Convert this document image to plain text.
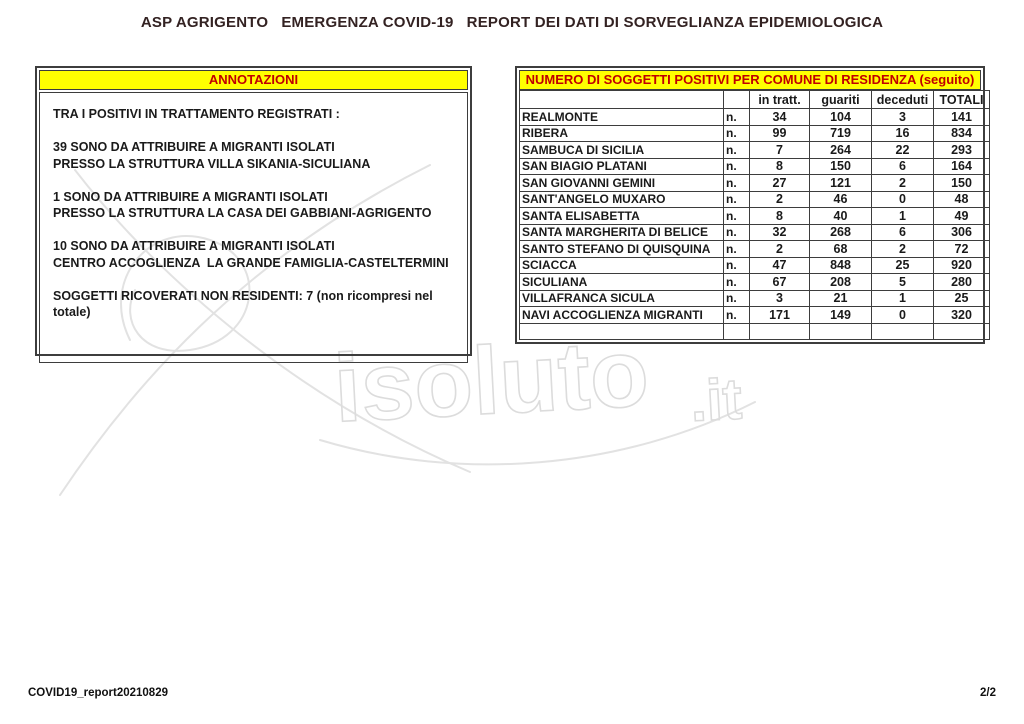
isoluto .it
ASP AGRIGENTO   EMERGENZA COVID-19   REPORT DEI DATI DI SORVEGLIANZA EPIDEMIOLOGICA
ANNOTAZIONI
TRA I POSITIVI IN TRATTAMENTO REGISTRATI :
39 SONO DA ATTRIBUIRE A MIGRANTI ISOLATI
PRESSO LA STRUTTURA VILLA SIKANIA-SICULIANA
1 SONO DA ATTRIBUIRE A MIGRANTI ISOLATI
PRESSO LA STRUTTURA LA CASA DEI GABBIANI-AGRIGENTO
10 SONO DA ATTRIBUIRE A MIGRANTI ISOLATI
CENTRO ACCOGLIENZA  LA GRANDE FAMIGLIA-CASTELTERMINI
SOGGETTI RICOVERATI NON RESIDENTI: 7 (non ricompresi nel totale)
NUMERO DI SOGGETTI POSITIVI PER COMUNE DI RESIDENZA (seguito)
		in tratt.	guariti	deceduti	TOTALI
REALMONTE	n.	34	104	3	141
RIBERA	n.	99	719	16	834
SAMBUCA DI SICILIA	n.	7	264	22	293
SAN BIAGIO PLATANI	n.	8	150	6	164
SAN GIOVANNI GEMINI	n.	27	121	2	150
SANT'ANGELO MUXARO	n.	2	46	0	48
SANTA ELISABETTA	n.	8	40	1	49
SANTA MARGHERITA DI BELICE	n.	32	268	6	306
SANTO STEFANO DI QUISQUINA	n.	2	68	2	72
SCIACCA	n.	47	848	25	920
SICULIANA	n.	67	208	5	280
VILLAFRANCA SICULA	n.	3	21	1	25
NAVI ACCOGLIENZA MIGRANTI	n.	171	149	0	320

COVID19_report20210829	2/2
